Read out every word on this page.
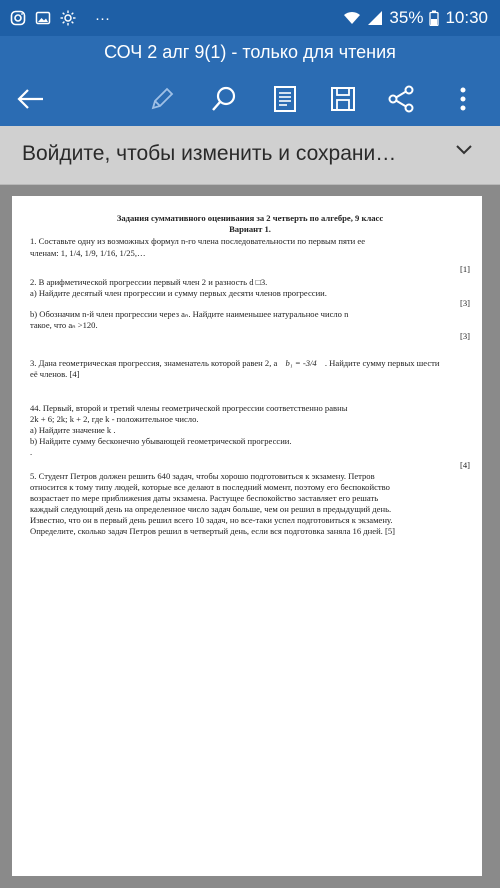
···	35% 10:30
СОЧ 2 алг 9(1) - только для чтения
Войдите, чтобы изменить и сохрани…
Задания суммативного оценивания за 2 четверть по алгебре, 9 класс
Вариант 1.
1. Составьте одну из возможных формул n-го члена последовательности по первым пяти ее
членам: 1, 1/4, 1/9, 1/16, 1/25,…
[1]
2. В арифметической прогрессии первый член 2 и разность d □3.
а) Найдите десятый член прогрессии и сумму первых десяти членов прогрессии.
[3]
b) Обозначим n-й член прогрессии через aₙ. Найдите наименьшее натуральное число n
такое, что aₙ >120.
[3]
3. Дана геометрическая прогрессия, знаменатель которой равен 2, а b₁ = -3/4 . Найдите сумму первых шести
её членов. [4]
44. Первый, второй и третий члены геометрической прогрессии соответственно равны
2k + 6; 2k; k + 2, где k - положительное число.
а) Найдите значение k .
b) Найдите сумму бесконечно убывающей геометрической прогрессии.
.
[4]
5. Студент Петров должен решить 640 задач, чтобы хорошо подготовиться к экзамену. Петров
относится к тому типу людей, которые все делают в последний момент, поэтому его беспокойство
возрастает по мере приближения даты экзамена. Растущее беспокойство заставляет его решать
каждый следующий день на определенное число задач больше, чем он решил в предыдущий день.
Известно, что он в первый день решил всего 10 задач, но все-таки успел подготовиться к экзамену.
Определите, сколько задач Петров решил в четвертый день, если вся подготовка заняла 16 дней. [5]
